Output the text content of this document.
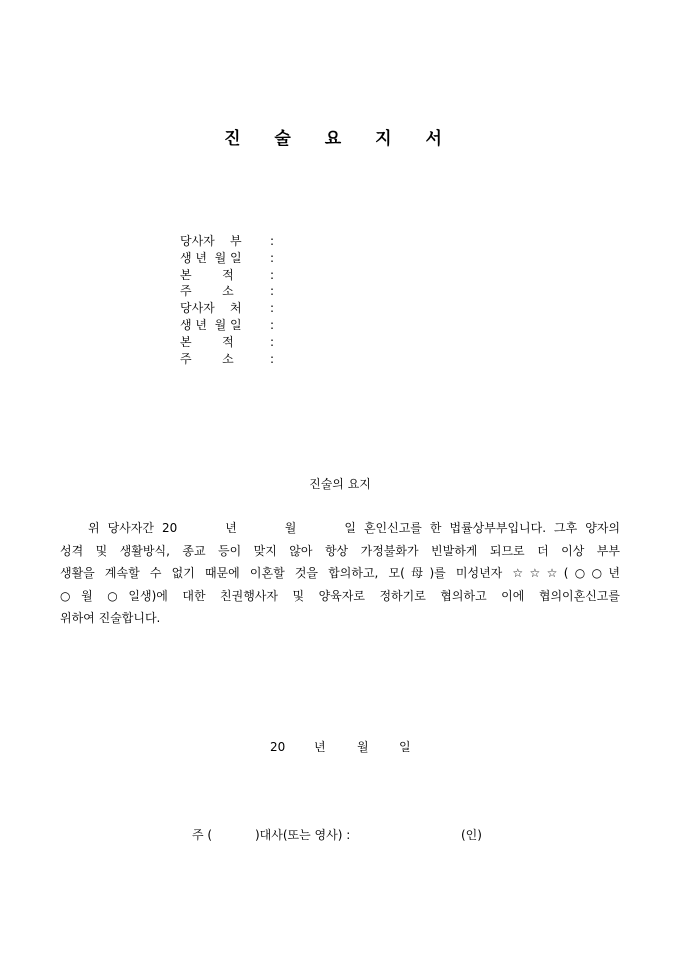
진 술 요 지 서
당사자    부 :
생 년  월 일 :
본        적	:
주        소	:
당사자    처 :
생 년  월 일 :
본        적	:
주        소	:
진술의 요지
위 당사자간 20      년      월      일 혼인신고를 한 법률상부부입니다. 그후 양자의
성격 및 생활방식, 종교 등이 맞지 않아 항상 가정불화가 빈발하게 되므로 더 이상 부부
생활을 계속할 수 없기 때문에 이혼할 것을 합의하고, 모(母)를 미성년자 ☆☆☆(○○년
○월 ○일생)에 대한 친권행사자 및 양육자로 정하기로 협의하고 이에 협의이혼신고를
위하여 진술합니다.
20 년	월	일
주 (	)대사(또는 영사) :	(인)
